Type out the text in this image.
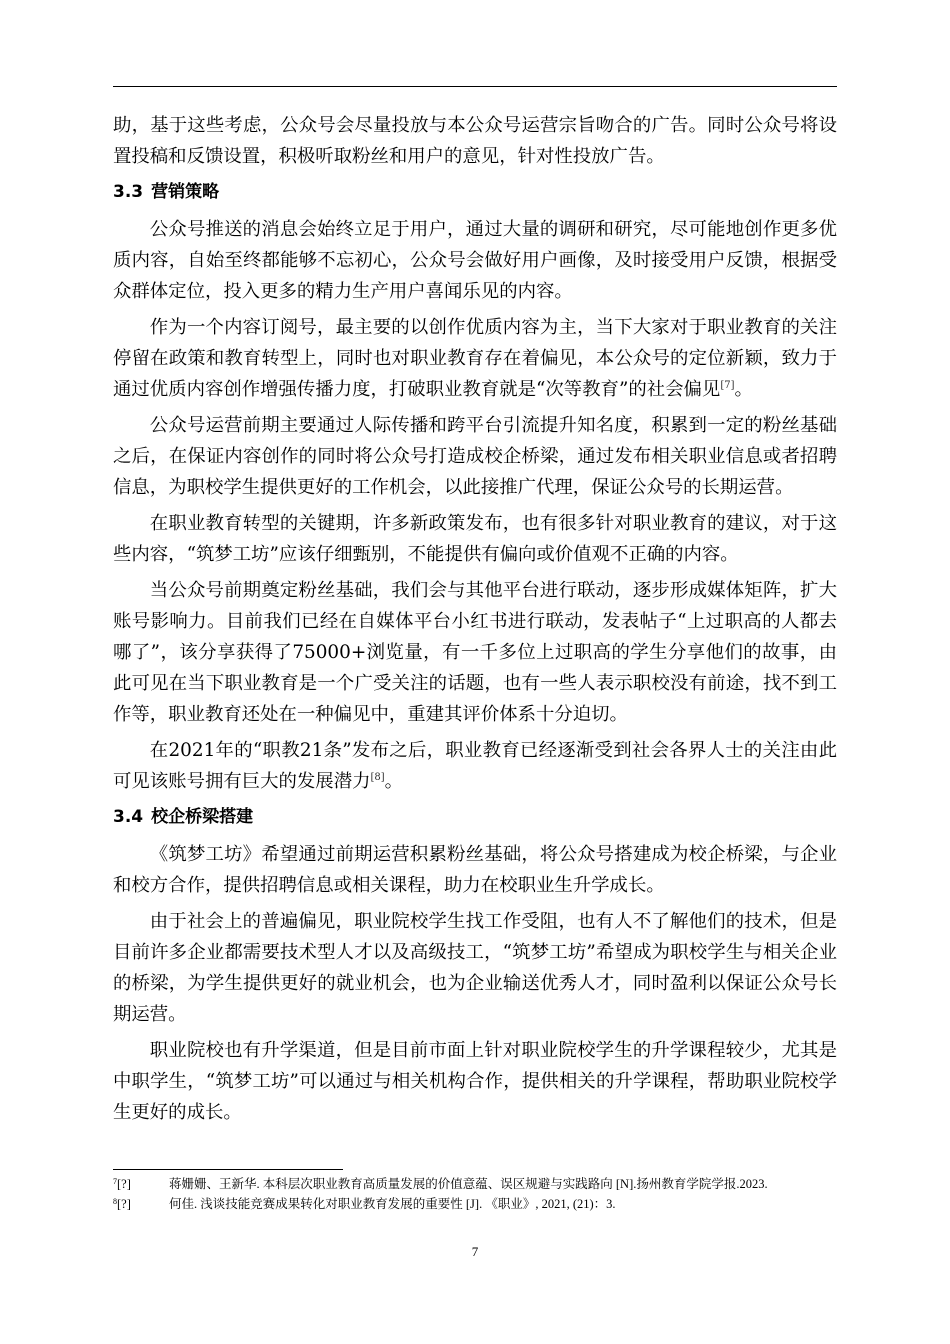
助，基于这些考虑，公众号会尽量投放与本公众号运营宗旨吻合的广告。同时公众号将设置投稿和反馈设置，积极听取粉丝和用户的意见，针对性投放广告。

3.3 营销策略

公众号推送的消息会始终立足于用户，通过大量的调研和研究，尽可能地创作更多优质内容，自始至终都能够不忘初心，公众号会做好用户画像，及时接受用户反馈，根据受众群体定位，投入更多的精力生产用户喜闻乐见的内容。

作为一个内容订阅号，最主要的以创作优质内容为主，当下大家对于职业教育的关注停留在政策和教育转型上，同时也对职业教育存在着偏见，本公众号的定位新颖，致力于通过优质内容创作增强传播力度，打破职业教育就是“次等教育”的社会偏见[7]。

公众号运营前期主要通过人际传播和跨平台引流提升知名度，积累到一定的粉丝基础之后，在保证内容创作的同时将公众号打造成校企桥梁，通过发布相关职业信息或者招聘信息，为职校学生提供更好的工作机会，以此接推广代理，保证公众号的长期运营。

在职业教育转型的关键期，许多新政策发布，也有很多针对职业教育的建议，对于这些内容，“筑梦工坊”应该仔细甄别，不能提供有偏向或价值观不正确的内容。

当公众号前期奠定粉丝基础，我们会与其他平台进行联动，逐步形成媒体矩阵，扩大账号影响力。目前我们已经在自媒体平台小红书进行联动，发表帖子“上过职高的人都去哪了”，该分享获得了75000+浏览量，有一千多位上过职高的学生分享他们的故事，由此可见在当下职业教育是一个广受关注的话题，也有一些人表示职校没有前途，找不到工作等，职业教育还处在一种偏见中，重建其评价体系十分迫切。

在2021年的“职教21条”发布之后，职业教育已经逐渐受到社会各界人士的关注由此可见该账号拥有巨大的发展潜力[8]。

3.4 校企桥梁搭建

《筑梦工坊》希望通过前期运营积累粉丝基础，将公众号搭建成为校企桥梁，与企业和校方合作，提供招聘信息或相关课程，助力在校职业生升学成长。

由于社会上的普遍偏见，职业院校学生找工作受阻，也有人不了解他们的技术，但是目前许多企业都需要技术型人才以及高级技工，“筑梦工坊”希望成为职校学生与相关企业的桥梁，为学生提供更好的就业机会，也为企业输送优秀人才，同时盈利以保证公众号长期运营。

职业院校也有升学渠道，但是目前市面上针对职业院校学生的升学课程较少，尤其是中职学生，“筑梦工坊”可以通过与相关机构合作，提供相关的升学课程，帮助职业院校学生更好的成长。

$^7$[?]	蒋姗姗、王新华. 本科层次职业教育高质量发展的价值意蕴、误区规避与实践路向 [N].扬州教育学院学报.2023.
$^8$[?]	何佳. 浅谈技能竞赛成果转化对职业教育发展的重要性 [J]. 《职业》, 2021, (21)：3.
7
